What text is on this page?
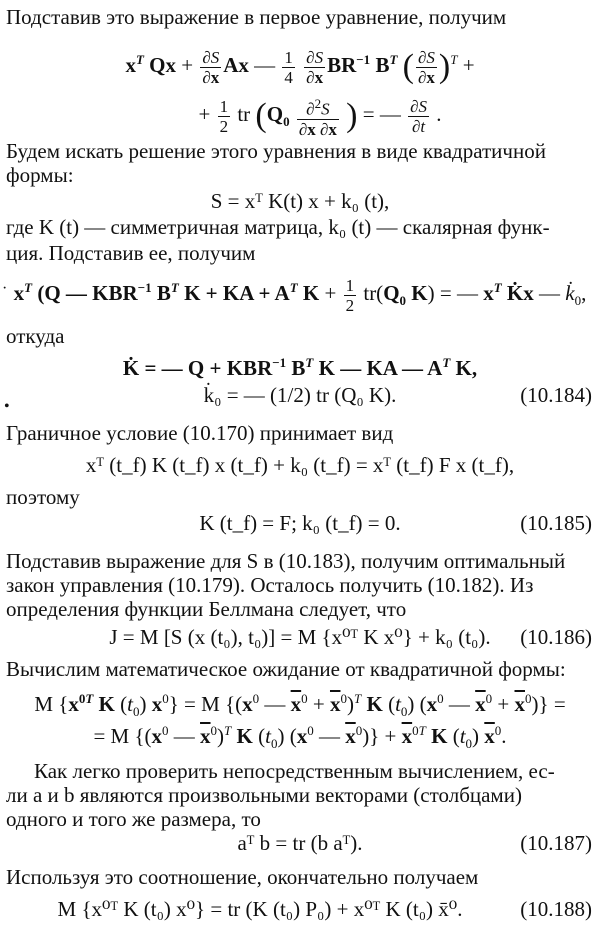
Подставив это выражение в первое уравнение, получим
$x^T$ $Qx + \frac{\partial S}{\partial x}$ Ax — $\frac{1}{4}$
$\frac{\partial S}{\partial x} BR^{-1}$ $B^T$ ( $\frac{\partial S}{\partial x} )^T$ +
+ $\frac{1}{2}$ tr ($Q_0 \frac{\partial^2S}{\partial x \partial x}$ ) = — $\frac{\partial S}{\partial t}$ .
Будем искать решение этого уравнения в виде квадратичной
формы:
S = xᵀ K(t) x + k₀ (t),
где K (t) — симметричная матрица, k₀ (t) — скалярная функ-
ция. Подставив ее, получим
· $x^T$ (Q — $KBR^{-1}$ $B^T$ K + KA + $A^T$ $K + \frac{1}{2} tr(Q_0$ K) = — $x^T$ K̇x — $k̇_0$,
откуда
K̇ = — $Q + KBR^{-1}$ $B^T$ K — KA — $A^T$ K,
k̇₀ = — (1/2) tr (Q₀ K).	(10.184)
•
Граничное условие (10.170) принимает вид
xᵀ (t_f) K (t_f) x (t_f) + k₀ (t_f) = xᵀ (t_f) F x (t_f),
поэтому
K (t_f) = F; k₀ (t_f) = 0.	(10.185)
Подставив выражение для S в (10.183), получим оптимальный
закон управления (10.179). Осталось получить (10.182). Из
определения функции Беллмана следует, что
J = M [S (x (t₀), t₀)] = M {x⁰ᵀ K x⁰} + k₀ (t₀).	(10.186)
Вычислим математическое ожидание от квадратичной формы:
M {$x^{0T}$ K $(t_0) x^0\} = M$ {($x^0$ — $\overline{x}^0 + \overline{x}^0)^T$ K $(t_0)$ ($x^0$ — $\overline{x}^0 + \overline{x}^0$)} =
= M {($x^0$ — $\overline{x}^0)^T$ K $(t_0)$ ($x^0$ — $\overline{x}^0)\} + \overline{x}^{0T}$ K $(t_0)$ $\overline{x}^0$.
Как легко проверить непосредственным вычислением, ес-
ли a и b являются произвольными векторами (столбцами)
одного и того же размера, то
aᵀ b = tr (b aᵀ).	(10.187)
Используя это соотношение, окончательно получаем
M {x⁰ᵀ K (t₀) x⁰} = tr (K (t₀) P₀) + x⁰ᵀ K (t₀) x̄⁰.	(10.188)
